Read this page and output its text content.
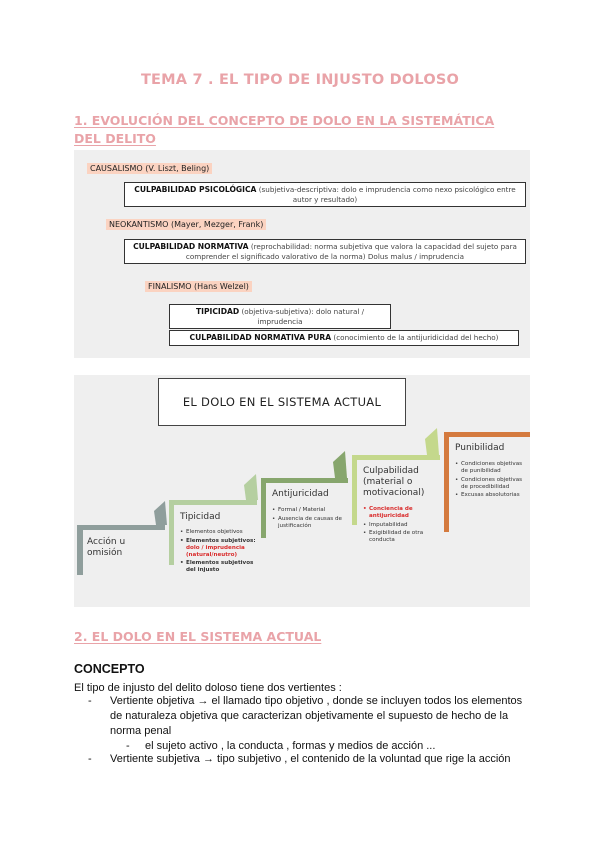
TEMA 7 . EL TIPO DE INJUSTO DOLOSO
1. EVOLUCIÓN DEL CONCEPTO DE DOLO EN LA SISTEMÁTICA DEL DELITO
CAUSALISMO (V. Liszt, Beling)
CULPABILIDAD PSICOLÓGICA (subjetiva-descriptiva: dolo e imprudencia como nexo psicológico entre autor y resultado)
NEOKANTISMO (Mayer, Mezger, Frank)
CULPABILIDAD NORMATIVA (reprochabilidad: norma subjetiva que valora la capacidad del sujeto para comprender el significado valorativo de la norma) Dolus malus / imprudencia
FINALISMO (Hans Welzel)
TIPICIDAD (objetiva-subjetiva): dolo natural / imprudencia
CULPABILIDAD NORMATIVA PURA (conocimiento de la antijuridicidad del hecho)
EL DOLO EN EL SISTEMA ACTUAL
Acción u omisión
Tipicidad
• Elementos objetivos
• Elementos subjetivos: dolo / imprudencia (natural/neutro)
• Elementos subjetivos del injusto
Antijuricidad
• Formal / Material
• Ausencia de causas de justificación
Culpabilidad (material o motivacional)
• Conciencia de antijuricidad
• Imputabilidad
• Exigibilidad de otra conducta
Punibilidad
• Condiciones objetivas de punibilidad
• Condiciones objetivas de procedibilidad
• Excusas absolutorias
2. EL DOLO EN EL SISTEMA ACTUAL
CONCEPTO
El tipo de injusto del delito doloso tiene dos vertientes :
- Vertiente objetiva → el llamado tipo objetivo , donde se incluyen todos los elementos de naturaleza objetiva que caracterizan objetivamente el supuesto de hecho de la norma penal
- el sujeto activo , la conducta , formas y medios de acción ...
- Vertiente subjetiva → tipo subjetivo , el contenido de la voluntad que rige la acción
